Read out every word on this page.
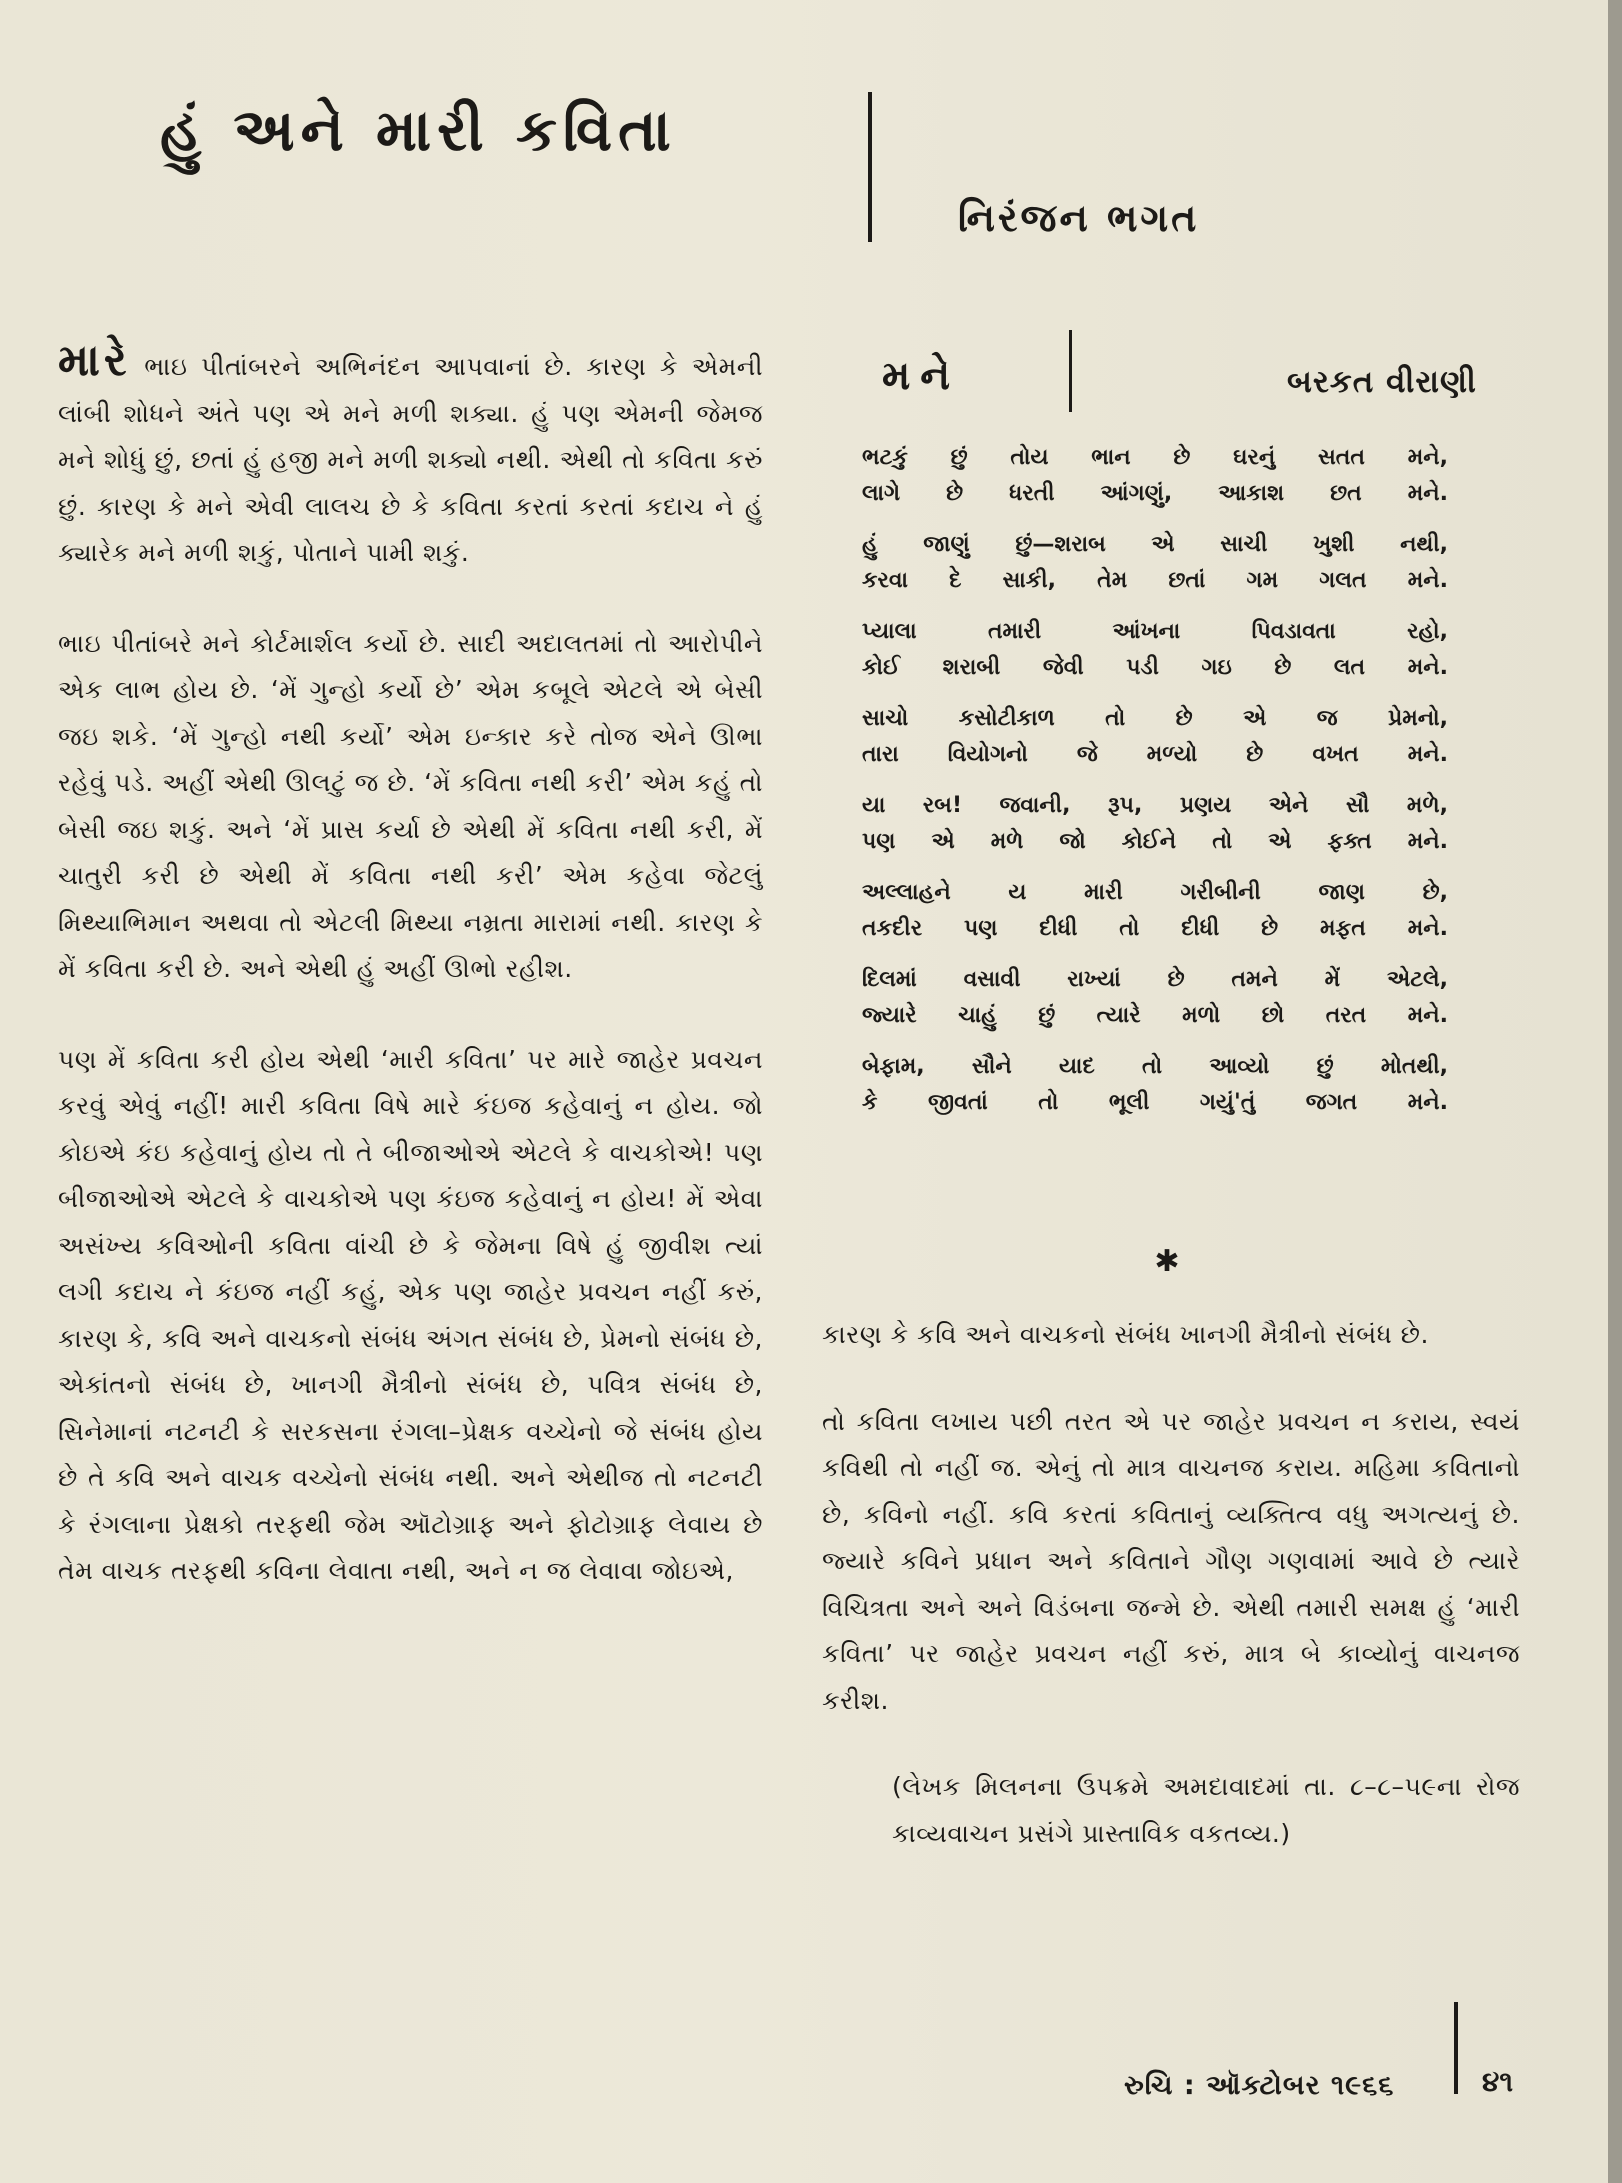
હું અને મારી કવિતા
નિરંજન ભગત

મારે ભાઇ પીતાંબરને અભિનંદન આપવાનાં છે. કારણ કે એમની લાંબી શોધને અંતે પણ એ મને મળી શક્યા. હું પણ એમની જેમજ મને શોધું છું, છતાં હું હજી મને મળી શક્યો નથી. એથી તો કવિતા કરું છું. કારણ કે મને એવી લાલચ છે કે કવિતા કરતાં કરતાં કદાચ ને હું ક્યારેક મને મળી શકું, પોતાને પામી શકું.

ભાઇ પીતાંબરે મને કોર્ટમાર્શલ કર્યો છે. સાદી અદાલતમાં તો આરોપીને એક લાભ હોય છે. ‘મેં ગુન્હો કર્યો છે’ એમ કબૂલે એટલે એ બેસી જઇ શકે. ‘મેં ગુન્હો નથી કર્યો’ એમ ઇન્કાર કરે તોજ એને ઊભા રહેવું પડે. અહીં એથી ઊલટું જ છે. ‘મેં કવિતા નથી કરી’ એમ કહું તો બેસી જઇ શકું. અને ‘મેં પ્રાસ કર્યા છે એથી મેં કવિતા નથી કરી, મેં ચાતુરી કરી છે એથી મેં કવિતા નથી કરી’ એમ કહેવા જેટલું મિથ્યાભિમાન અથવા તો એટલી મિથ્યા નમ્રતા મારામાં નથી. કારણ કે મેં કવિતા કરી છે. અને એથી હું અહીં ઊભો રહીશ.

પણ મેં કવિતા કરી હોય એથી ‘મારી કવિતા’ પર મારે જાહેર પ્રવચન કરવું એવું નહીં! મારી કવિતા વિષે મારે કંઇજ કહેવાનું ન હોય. જો કોઇએ કંઇ કહેવાનું હોય તો તે બીજાઓએ એટલે કે વાચકોએ! પણ બીજાઓએ એટલે કે વાચકોએ પણ કંઇજ કહેવાનું ન હોય! મેં એવા અસંખ્ય કવિઓની કવિતા વાંચી છે કે જેમના વિષે હું જીવીશ ત્યાં લગી કદાચ ને કંઇજ નહીં કહું, એક પણ જાહેર પ્રવચન નહીં કરું, કારણ કે, કવિ અને વાચકનો સંબંધ અંગત સંબંધ છે, પ્રેમનો સંબંધ છે, એકાંતનો સંબંધ છે, ખાનગી મૈત્રીનો સંબંધ છે, પવિત્ર સંબંધ છે, સિનેમાનાં નટનટી કે સરકસના રંગલા–પ્રેક્ષક વચ્ચેનો જે સંબંધ હોય છે તે કવિ અને વાચક વચ્ચેનો સંબંધ નથી. અને એથીજ તો નટનટી કે રંગલાના પ્રેક્ષકો તરફથી જેમ ઑટોગ્રાફ અને ફોટોગ્રાફ લેવાય છે તેમ વાચક તરફથી કવિના લેવાતા નથી, અને ન જ લેવાવા જોઇએ,

મને	બરકત વીરાણી
ભટકું છું તોય ભાન છે ઘરનું સતત મને,
લાગે છે ધરતી આંગણું, આકાશ છત મને.
હું જાણું છું—શરાબ એ સાચી ખુશી નથી,
કરવા દે સાકી, તેમ છતાં ગમ ગલત મને.
પ્યાલા તમારી આંખના પિવડાવતા રહો,
કોઈ શરાબી જેવી પડી ગઇ છે લત મને.
સાચો કસોટીકાળ તો છે એ જ પ્રેમનો,
તારા વિયોગનો જે મળ્યો છે વખત મને.
યા રબ! જવાની, રૂપ, પ્રણય એને સૌ મળે,
પણ એ મળે જો કોઈને તો એ ફક્ત મને.
અલ્લાહને ય મારી ગરીબીની જાણ છે,
તકદીર પણ દીધી તો દીધી છે મફત મને.
દિલમાં વસાવી રાખ્યાં છે તમને મેં એટલે,
જ્યારે ચાહું છું ત્યારે મળો છો તરત મને.
બેફામ, સૌને યાદ તો આવ્યો છું મોતથી,
કે જીવતાં તો ભૂલી ગયું'તું જગત મને.
✱

કારણ કે કવિ અને વાચકનો સંબંધ ખાનગી મૈત્રીનો સંબંધ છે.

તો કવિતા લખાય પછી તરત એ પર જાહેર પ્રવચન ન કરાય, સ્વયં કવિથી તો નહીં જ. એનું તો માત્ર વાચનજ કરાય. મહિમા કવિતાનો છે, કવિનો નહીં. કવિ કરતાં કવિતાનું વ્યક્તિત્વ વધુ અગત્યનું છે. જ્યારે કવિને પ્રધાન અને કવિતાને ગૌણ ગણવામાં આવે છે ત્યારે વિચિત્રતા અને અને વિડંબના જન્મે છે. એથી તમારી સમક્ષ હું ‘મારી કવિતા’ પર જાહેર પ્રવચન નહીં કરું, માત્ર બે કાવ્યોનું વાચનજ કરીશ.

(લેખક મિલનના ઉપક્રમે અમદાવાદમાં તા. ૮–૮–૫૯ના રોજ કાવ્યવાચન પ્રસંગે પ્રાસ્તાવિક વકતવ્ય.)

રુચિ : ઑક્ટોબર ૧૯૬૬	૪૧
